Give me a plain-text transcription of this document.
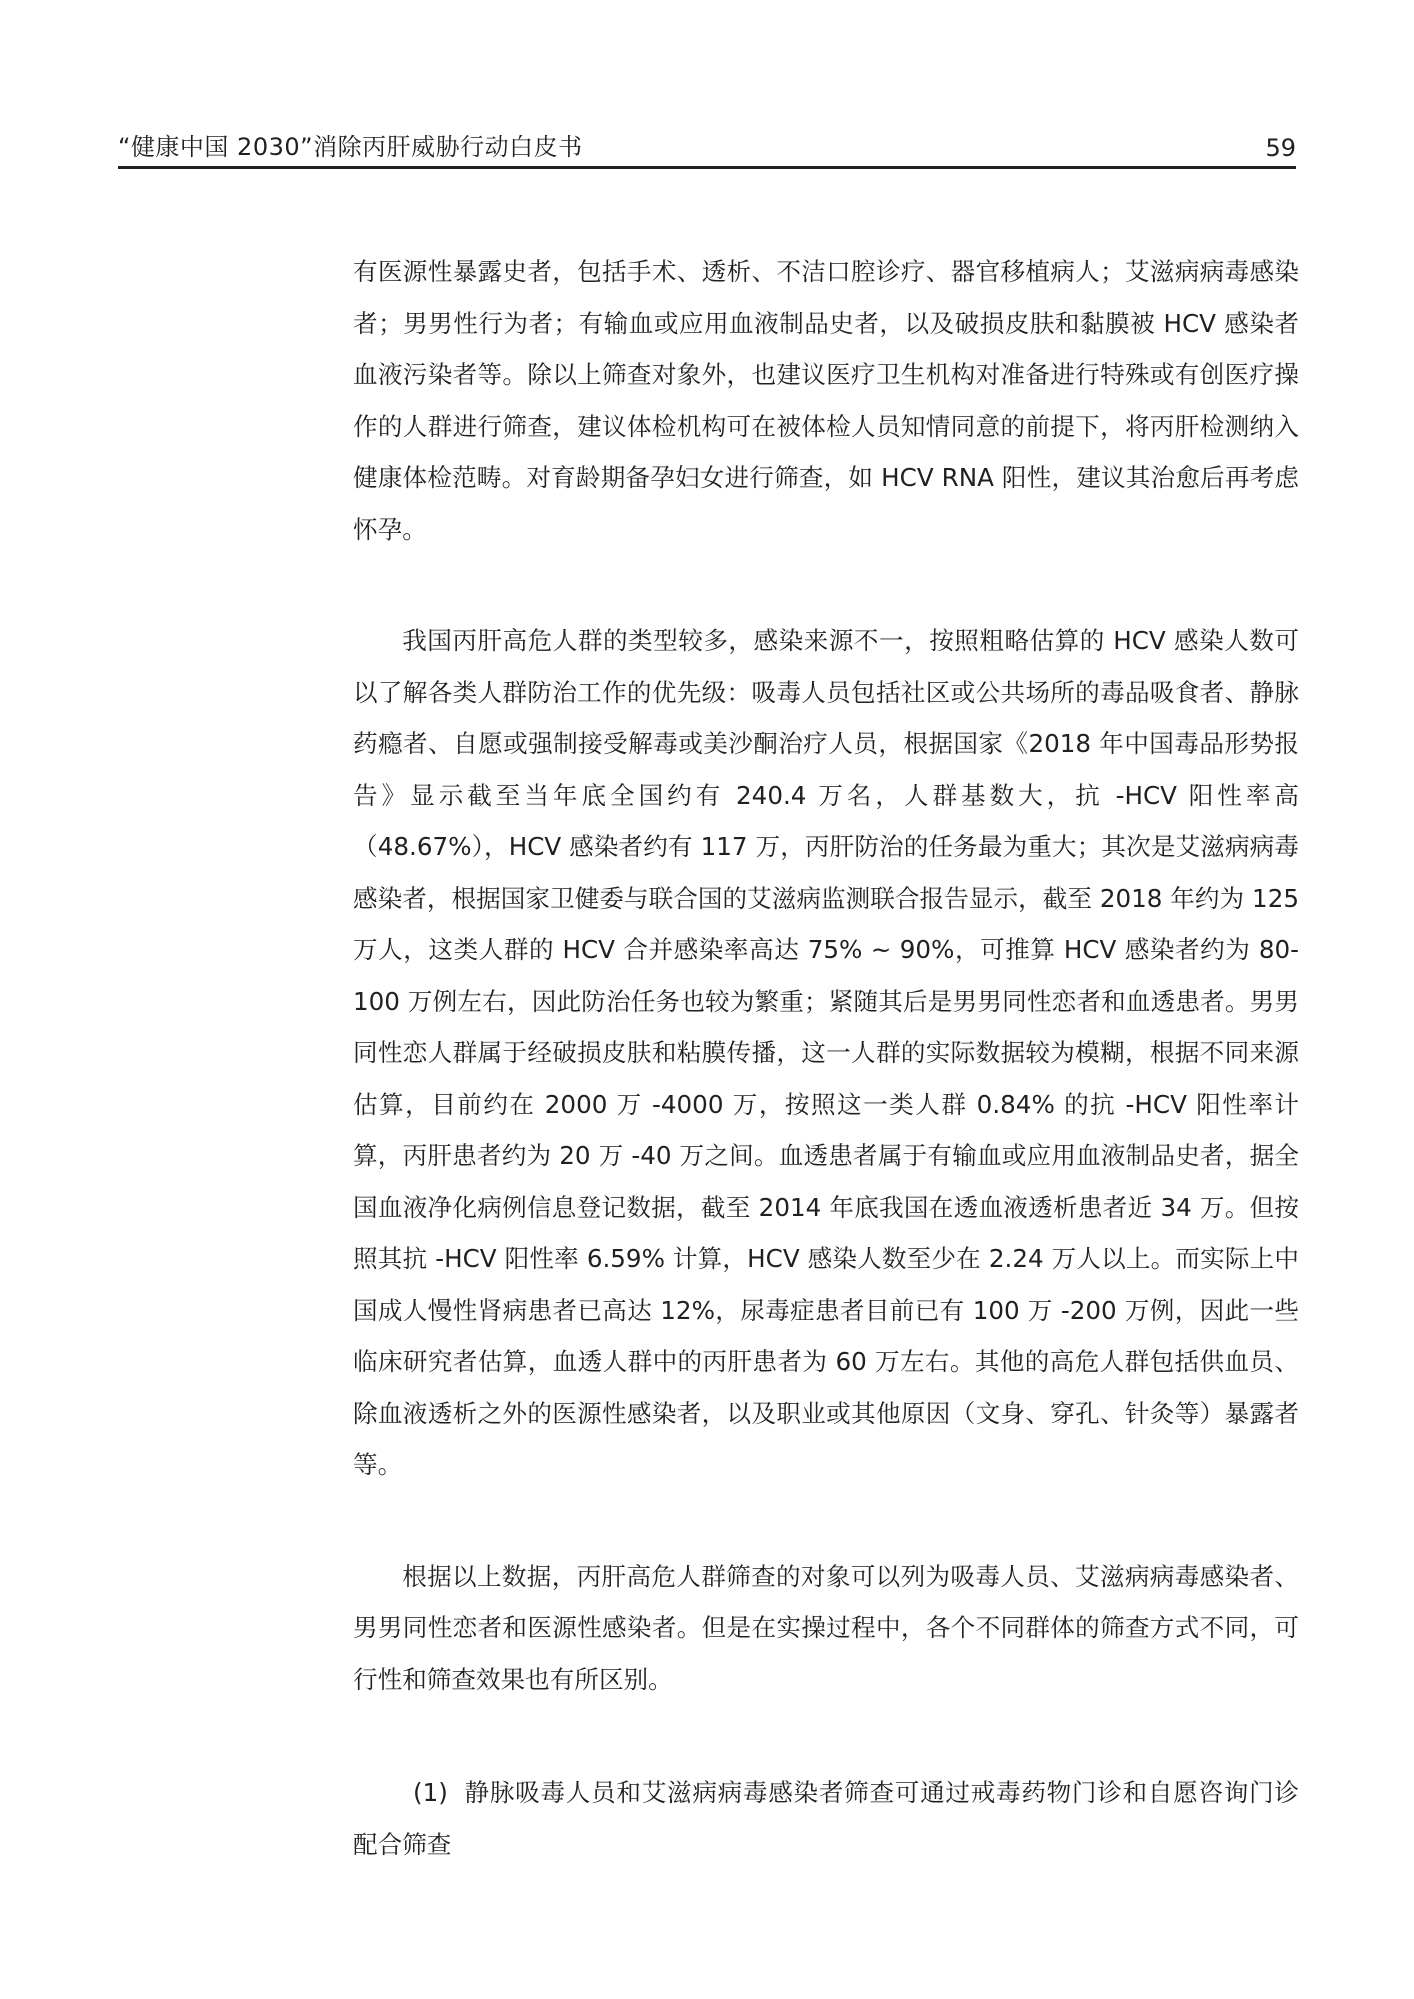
“健康中国 2030”消除丙肝威胁行动白皮书	59

有医源性暴露史者，包括手术、透析、不洁口腔诊疗、器官移植病人；艾滋病病毒感染者；男男性行为者；有输血或应用血液制品史者，以及破损皮肤和黏膜被 HCV 感染者血液污染者等。除以上筛查对象外，也建议医疗卫生机构对准备进行特殊或有创医疗操作的人群进行筛查，建议体检机构可在被体检人员知情同意的前提下，将丙肝检测纳入健康体检范畴。对育龄期备孕妇女进行筛查，如 HCV RNA 阳性，建议其治愈后再考虑怀孕。

我国丙肝高危人群的类型较多，感染来源不一，按照粗略估算的 HCV 感染人数可以了解各类人群防治工作的优先级：吸毒人员包括社区或公共场所的毒品吸食者、静脉药瘾者、自愿或强制接受解毒或美沙酮治疗人员，根据国家《2018 年中国毒品形势报告》显示截至当年底全国约有 240.4 万名，人群基数大，抗 -HCV 阳性率高（48.67%），HCV 感染者约有 117 万，丙肝防治的任务最为重大；其次是艾滋病病毒感染者，根据国家卫健委与联合国的艾滋病监测联合报告显示，截至 2018 年约为 125 万人，这类人群的 HCV 合并感染率高达 75% ~ 90%，可推算 HCV 感染者约为 80-100 万例左右，因此防治任务也较为繁重；紧随其后是男男同性恋者和血透患者。男男同性恋人群属于经破损皮肤和粘膜传播，这一人群的实际数据较为模糊，根据不同来源估算，目前约在 2000 万 -4000 万，按照这一类人群 0.84% 的抗 -HCV 阳性率计算，丙肝患者约为 20 万 -40 万之间。血透患者属于有输血或应用血液制品史者，据全国血液净化病例信息登记数据，截至 2014 年底我国在透血液透析患者近 34 万。但按照其抗 -HCV 阳性率 6.59% 计算，HCV 感染人数至少在 2.24 万人以上。而实际上中国成人慢性肾病患者已高达 12%，尿毒症患者目前已有 100 万 -200 万例，因此一些临床研究者估算，血透人群中的丙肝患者为 60 万左右。其他的高危人群包括供血员、除血液透析之外的医源性感染者，以及职业或其他原因（文身、穿孔、针灸等）暴露者等。

根据以上数据，丙肝高危人群筛查的对象可以列为吸毒人员、艾滋病病毒感染者、男男同性恋者和医源性感染者。但是在实操过程中，各个不同群体的筛查方式不同，可行性和筛查效果也有所区别。

(1) 静脉吸毒人员和艾滋病病毒感染者筛查可通过戒毒药物门诊和自愿咨询门诊配合筛查
